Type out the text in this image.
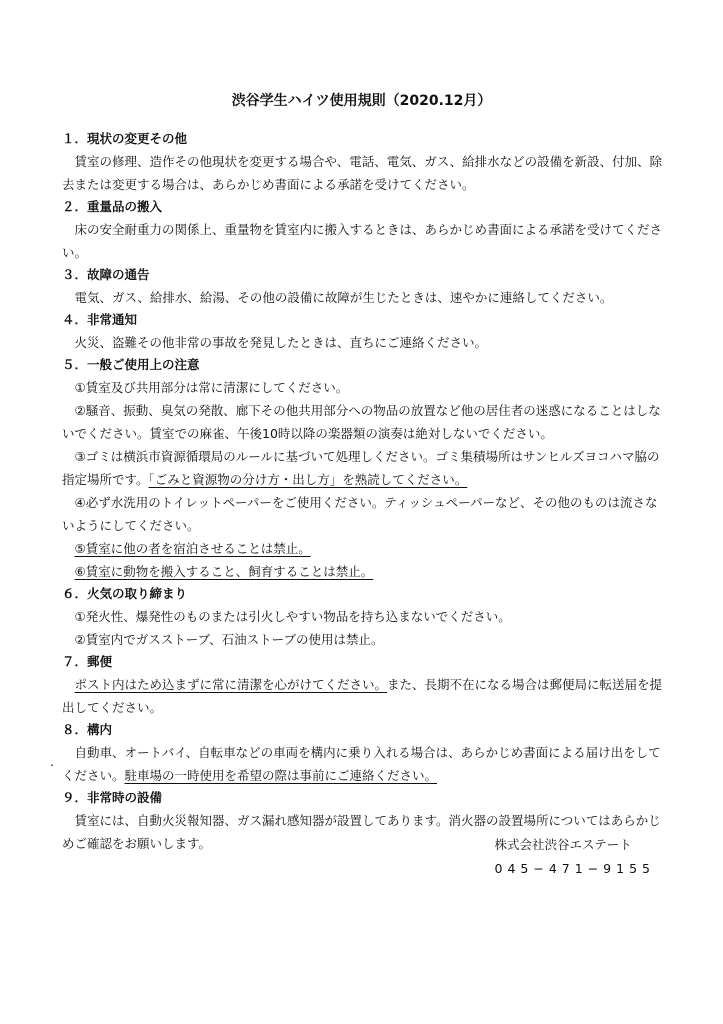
渋谷学生ハイツ使用規則（2020.12月）
１．現状の変更その他
賃室の修理、造作その他現状を変更する場合や、電話、電気、ガス、給排水などの設備を新設、付加、除去または変更する場合は、あらかじめ書面による承諾を受けてください。
２．重量品の搬入
床の安全耐重力の関係上、重量物を賃室内に搬入するときは、あらかじめ書面による承諾を受けてください。
３．故障の通告
電気、ガス、給排水、給湯、その他の設備に故障が生じたときは、速やかに連絡してください。
４．非常通知
火災、盗難その他非常の事故を発見したときは、直ちにご連絡ください。
５．一般ご使用上の注意
①賃室及び共用部分は常に清潔にしてください。
②騒音、振動、臭気の発散、廊下その他共用部分への物品の放置など他の居住者の迷惑になることはしないでください。賃室での麻雀、午後10時以降の楽器類の演奏は絶対しないでください。
③ゴミは横浜市資源循環局のルールに基づいて処理しください。ゴミ集積場所はサンヒルズヨコハマ脇の指定場所です。「ごみと資源物の分け方・出し方」を熟読してください。
④必ず水洗用のトイレットペーパーをご使用ください。ティッシュペーパーなど、その他のものは流さないようにしてください。
⑤賃室に他の者を宿泊させることは禁止。
⑥賃室に動物を搬入すること、飼育することは禁止。
６．火気の取り締まり
①発火性、爆発性のものまたは引火しやすい物品を持ち込まないでください。
②賃室内でガスストーブ、石油ストーブの使用は禁止。
７．郵便
ポスト内はため込まずに常に清潔を心がけてください。また、長期不在になる場合は郵便局に転送届を提出してください。
８．構内
自動車、オートバイ、自転車などの車両を構内に乗り入れる場合は、あらかじめ書面による届け出をしてください。駐車場の一時使用を希望の際は事前にご連絡ください。
９．非常時の設備
賃室には、自動火災報知器、ガス漏れ感知器が設置してあります。消火器の設置場所についてはあらかじめご確認をお願いします。
.
株式会社渋谷エステート
045−471−9155
